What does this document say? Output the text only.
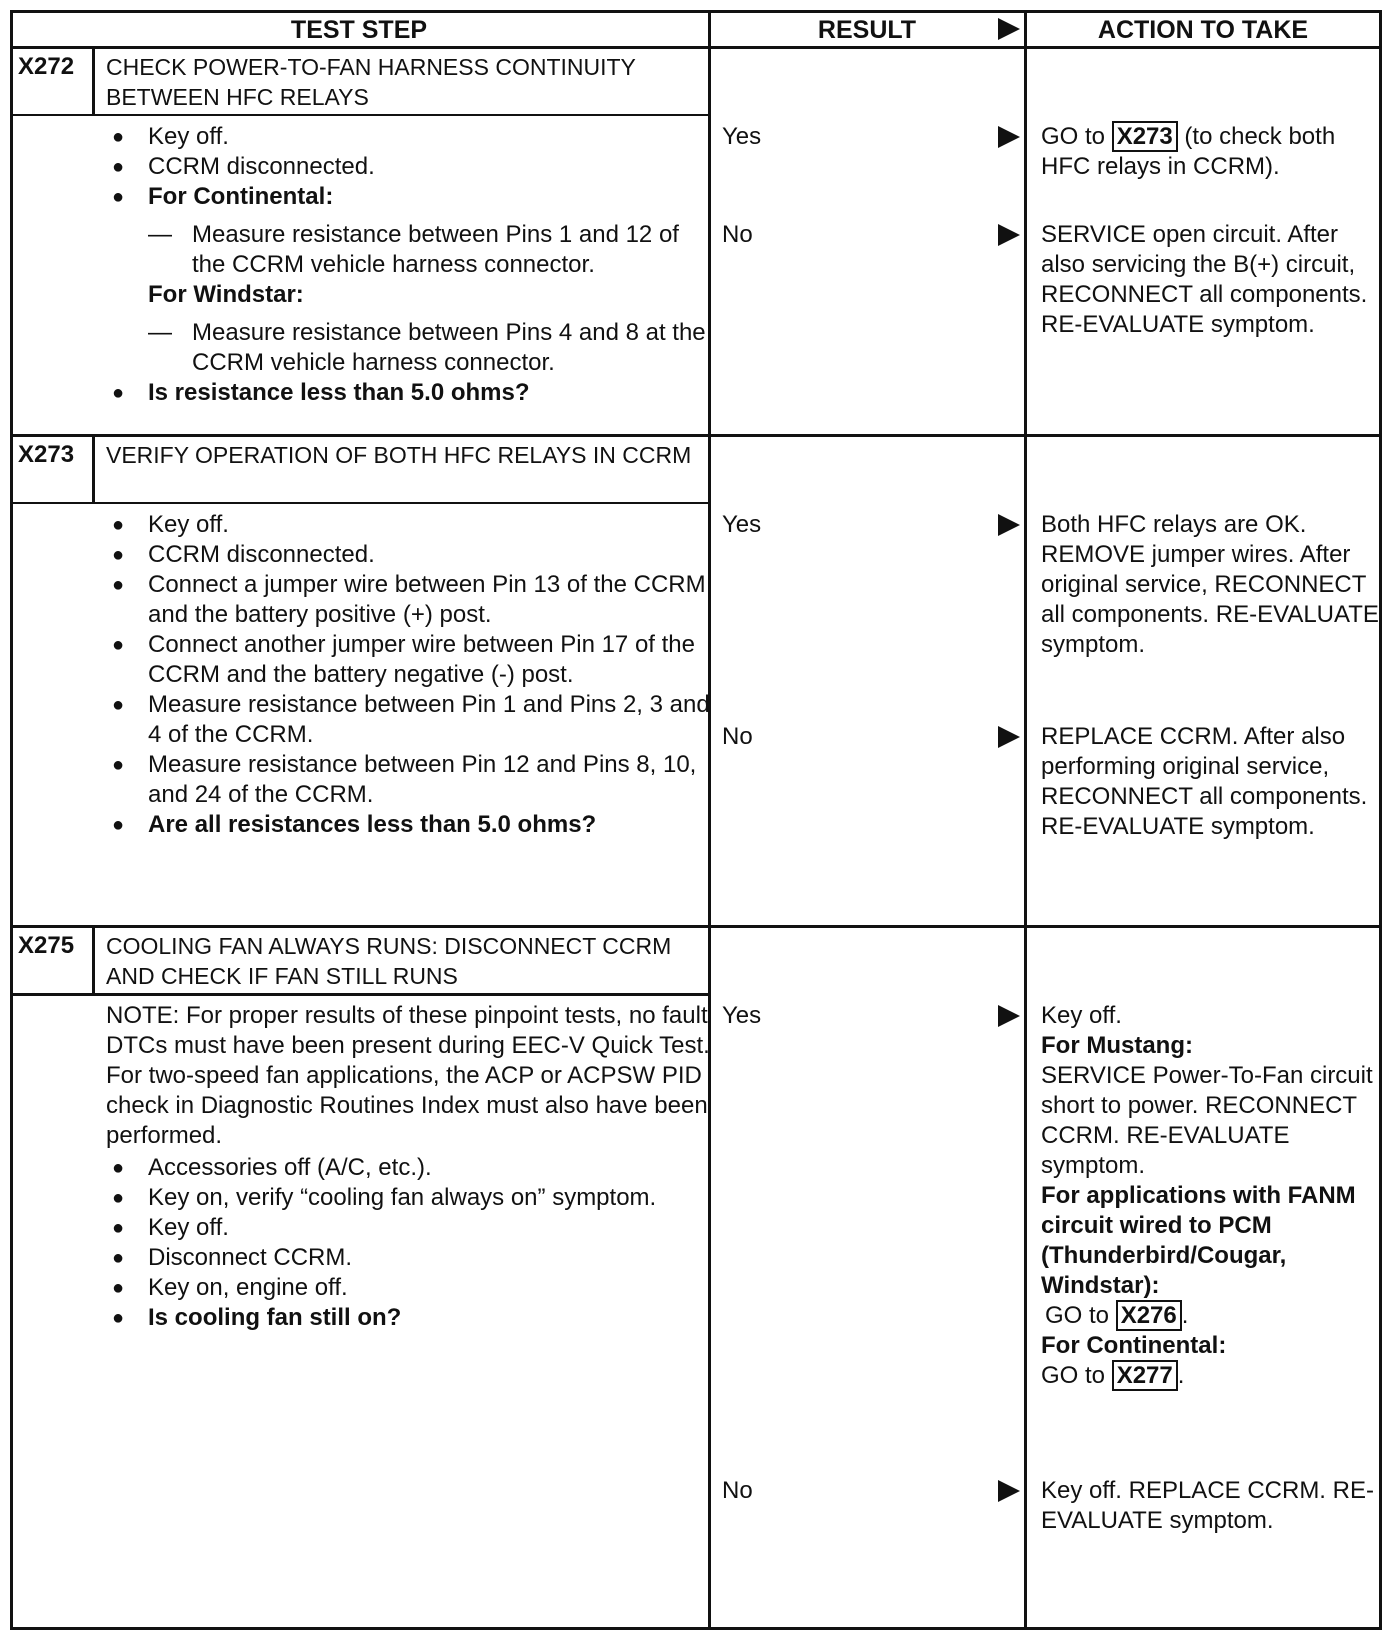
TEST STEP	RESULT	ACTION TO TAKE
X272 CHECK POWER-TO-FAN HARNESS CONTINUITY BETWEEN HFC RELAYS

● Key off.

● CCRM disconnected.

● For Continental:

— Measure resistance between Pins 1 and 12 of the CCRM vehicle harness connector.

For Windstar:

— Measure resistance between Pins 4 and 8 at the CCRM vehicle harness connector.

● Is resistance less than 5.0 ohms?

Yes	GO to X273 (to check both HFC relays in CCRM).
No	SERVICE open circuit. After also servicing the B(+) circuit, RECONNECT all components. RE-EVALUATE symptom.
X273 VERIFY OPERATION OF BOTH HFC RELAYS IN CCRM

● Key off.

● CCRM disconnected.

● Connect a jumper wire between Pin 13 of the CCRM and the battery positive (+) post.

● Connect another jumper wire between Pin 17 of the CCRM and the battery negative (-) post.

● Measure resistance between Pin 1 and Pins 2, 3 and 4 of the CCRM.

● Measure resistance between Pin 12 and Pins 8, 10, and 24 of the CCRM.

● Are all resistances less than 5.0 ohms?

Yes	Both HFC relays are OK. REMOVE jumper wires. After original service, RECONNECT all components. RE-EVALUATE symptom.
No	REPLACE CCRM. After also performing original service, RECONNECT all components. RE-EVALUATE symptom.
X275 COOLING FAN ALWAYS RUNS: DISCONNECT CCRM AND CHECK IF FAN STILL RUNS

NOTE: For proper results of these pinpoint tests, no fault DTCs must have been present during EEC-V Quick Test. For two-speed fan applications, the ACP or ACPSW PID check in Diagnostic Routines Index must also have been performed.

● Accessories off (A/C, etc.).

● Key on, verify “cooling fan always on” symptom.

● Key off.

● Disconnect CCRM.

● Key on, engine off.

● Is cooling fan still on?

Yes	Key off.

For Mustang:

SERVICE Power-To-Fan circuit short to power. RECONNECT CCRM. RE-EVALUATE symptom.

For applications with FANM circuit wired to PCM (Thunderbird/Cougar, Windstar):

GO to X276 .

For Continental:

GO to X277 .

No	Key off. REPLACE CCRM. RE-EVALUATE symptom.
